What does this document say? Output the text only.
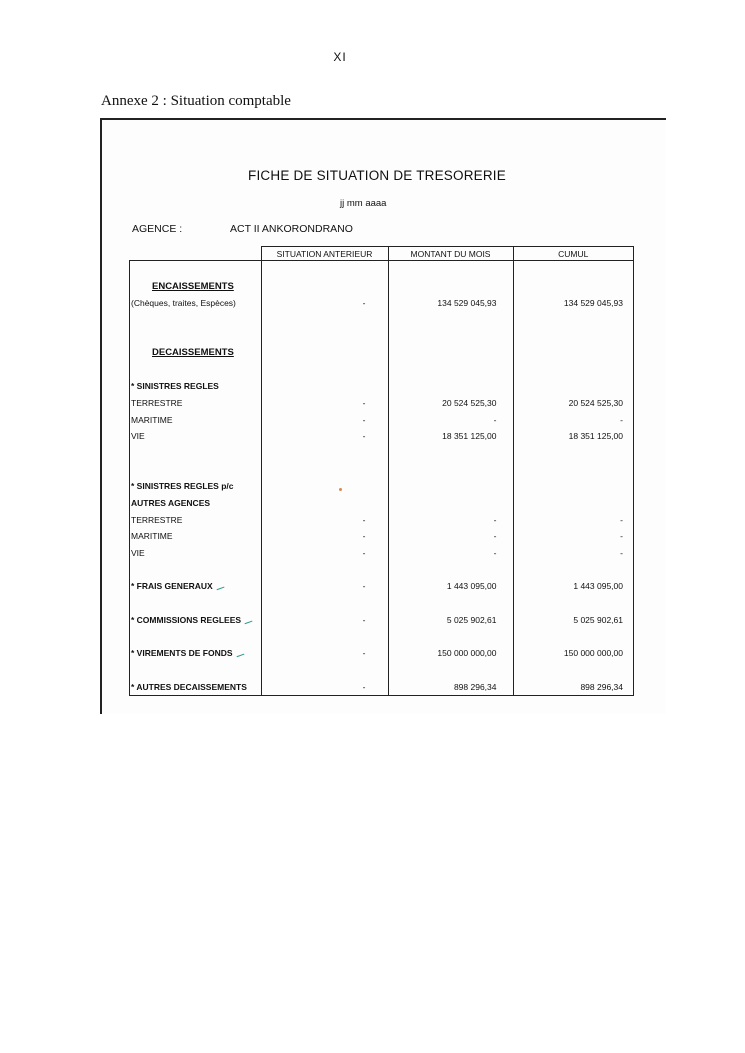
XI
Annexe 2 : Situation comptable
FICHE DE SITUATION DE TRESORERIE
jj mm aaaa
AGENCE :	ACT II ANKORONDRANO
	SITUATION ANTERIEUR	MONTANT DU MOIS	CUMUL

ENCAISSEMENTS			
(Chèques, traites, Espèces)	-	134 529 045,93	134 529 045,93

DECAISSEMENTS			

* SINISTRES REGLES			
TERRESTRE	-	20 524 525,30	20 524 525,30
MARITIME	-	-	-
VIE	-	18 351 125,00	18 351 125,00

* SINISTRES REGLES p/c			
AUTRES AGENCES			
TERRESTRE	-	-	-
MARITIME	-	-	-
VIE	-	-	-

* FRAIS GENERAUX	-	1 443 095,00	1 443 095,00

* COMMISSIONS REGLEES	-	5 025 902,61	5 025 902,61

* VIREMENTS DE FONDS	-	150 000 000,00	150 000 000,00

* AUTRES DECAISSEMENTS	-	898 296,34	898 296,34
